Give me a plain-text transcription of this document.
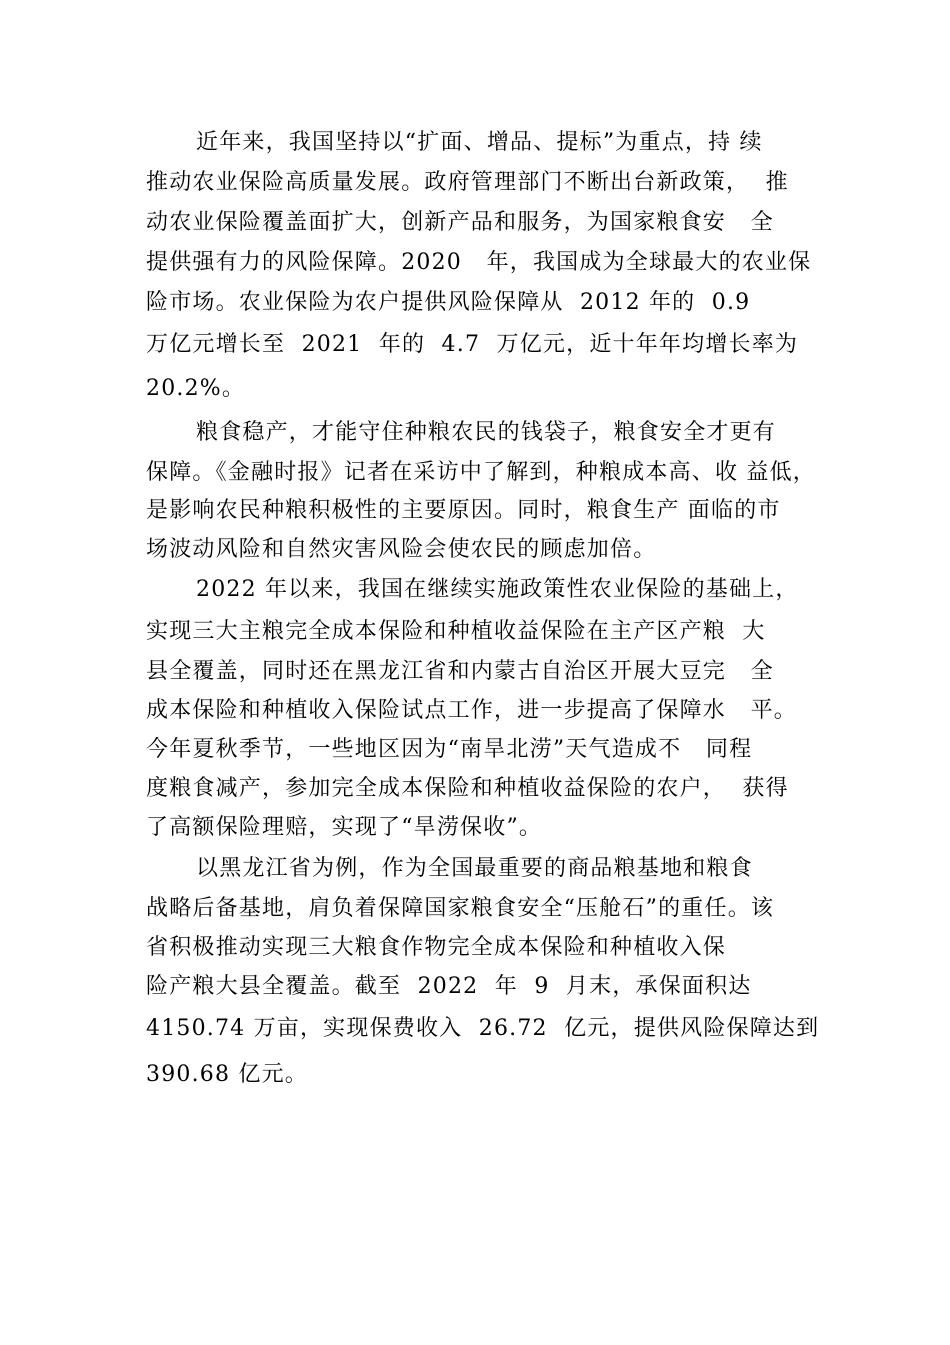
近年来，我国坚持以“扩面、增品、提标”为重点，持 续
推动农业保险高质量发展。政府管理部门不断出台新政策，  推
动农业保险覆盖面扩大，创新产品和服务，为国家粮食安   全
提供强有力的风险保障。2020   年，我国成为全球最大的农业保
险市场。农业保险为农户提供风险保障从  2012 年的  0.9
万亿元增长至  2021  年的  4.7  万亿元，近十年年均增长率为
20.2%。
粮食稳产，才能守住种粮农民的钱袋子，粮食安全才更有
保障。《金融时报》记者在采访中了解到，种粮成本高、收 益低，
是影响农民种粮积极性的主要原因。同时，粮食生产 面临的市
场波动风险和自然灾害风险会使农民的顾虑加倍。
2022 年以来，我国在继续实施政策性农业保险的基础上，
实现三大主粮完全成本保险和种植收益保险在主产区产粮  大
县全覆盖，同时还在黑龙江省和内蒙古自治区开展大豆完   全
成本保险和种植收入保险试点工作，进一步提高了保障水   平。
今年夏秋季节，一些地区因为“南旱北涝”天气造成不   同程
度粮食减产，参加完全成本保险和种植收益保险的农户，  获得
了高额保险理赔，实现了“旱涝保收”。
以黑龙江省为例，作为全国最重要的商品粮基地和粮食
战略后备基地，肩负着保障国家粮食安全“压舱石”的重任。该
省积极推动实现三大粮食作物完全成本保险和种植收入保
险产粮大县全覆盖。截至  2022  年  9  月末，承保面积达
4150.74 万亩，实现保费收入  26.72  亿元，提供风险保障达到
390.68 亿元。
